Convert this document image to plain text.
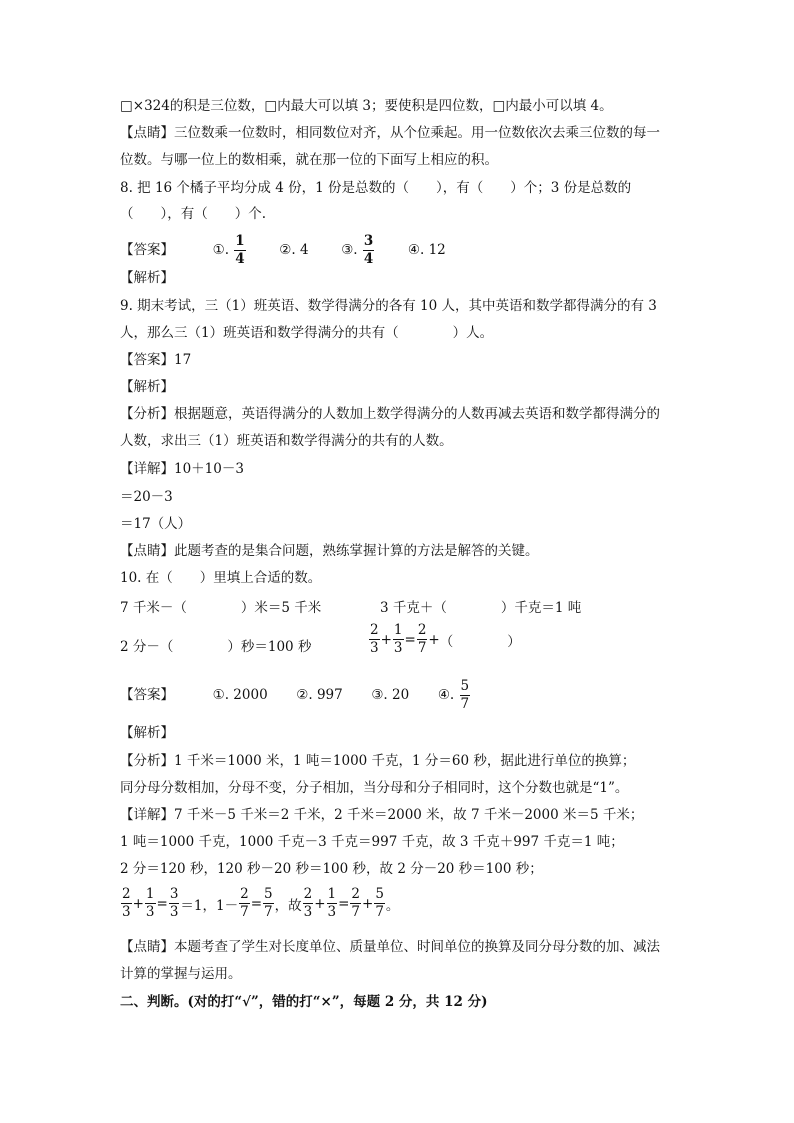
□×324的积是三位数，□内最大可以填 3；要使积是四位数，□内最小可以填 4。
【点睛】三位数乘一位数时，相同数位对齐，从个位乘起。用一位数依次去乘三位数的每一
位数。与哪一位上的数相乘，就在那一位的下面写上相应的积。
8. 把 16 个橘子平均分成 4 份，1 份是总数的（　　），有（　　）个；3 份是总数的
（　　），有（　　）个.
【答案】	①. $\frac{1}{4}$ ②. 4 ③. $\frac{3}{4}$ ④. 12
【解析】
9. 期末考试，三（1）班英语、数学得满分的各有 10 人，其中英语和数学都得满分的有 3
人，那么三（1）班英语和数学得满分的共有（　　　　）人。
【答案】17
【解析】
【分析】根据题意，英语得满分的人数加上数学得满分的人数再减去英语和数学都得满分的
人数，求出三（1）班英语和数学得满分的共有的人数。
【详解】10＋10－3
＝20－3
＝17（人）
【点睛】此题考查的是集合问题，熟练掌握计算的方法是解答的关键。
10. 在（　　）里填上合适的数。
7 千米－（　　　　）米＝5 千米	3 千克＋（　　　　）千克＝1 吨
2 分－（　　　　）秒＝100 秒	$\frac{2}{3} + \frac{1}{3} = \frac{2}{7}$ +（　　　　）
【答案】	①. 2000 ②. 997 ③. 20 ④. $\frac{5}{7}$
【解析】
【分析】1 千米＝1000 米，1 吨＝1000 千克，1 分＝60 秒，据此进行单位的换算；
同分母分数相加，分母不变，分子相加，当分母和分子相同时，这个分数也就是“1”。
【详解】7 千米－5 千米＝2 千米，2 千米＝2000 米，故 7 千米－2000 米＝5 千米；
1 吨＝1000 千克，1000 千克－3 千克＝997 千克，故 3 千克＋997 千克＝1 吨；
2 分＝120 秒，120 秒－20 秒＝100 秒，故 2 分－20 秒＝100 秒；
$\frac{2}{3} + \frac{1}{3} = \frac{3}{3} =1$，$1- \frac{2}{7} = \frac{5}{7}$ ，故 $\frac{2}{3} + \frac{1}{3} = \frac{2}{7} + \frac{5}{7}$ 。
【点睛】本题考查了学生对长度单位、质量单位、时间单位的换算及同分母分数的加、减法
计算的掌握与运用。
二、判断。(对的打“√”，错的打“×”，每题 2 分，共 12 分)
